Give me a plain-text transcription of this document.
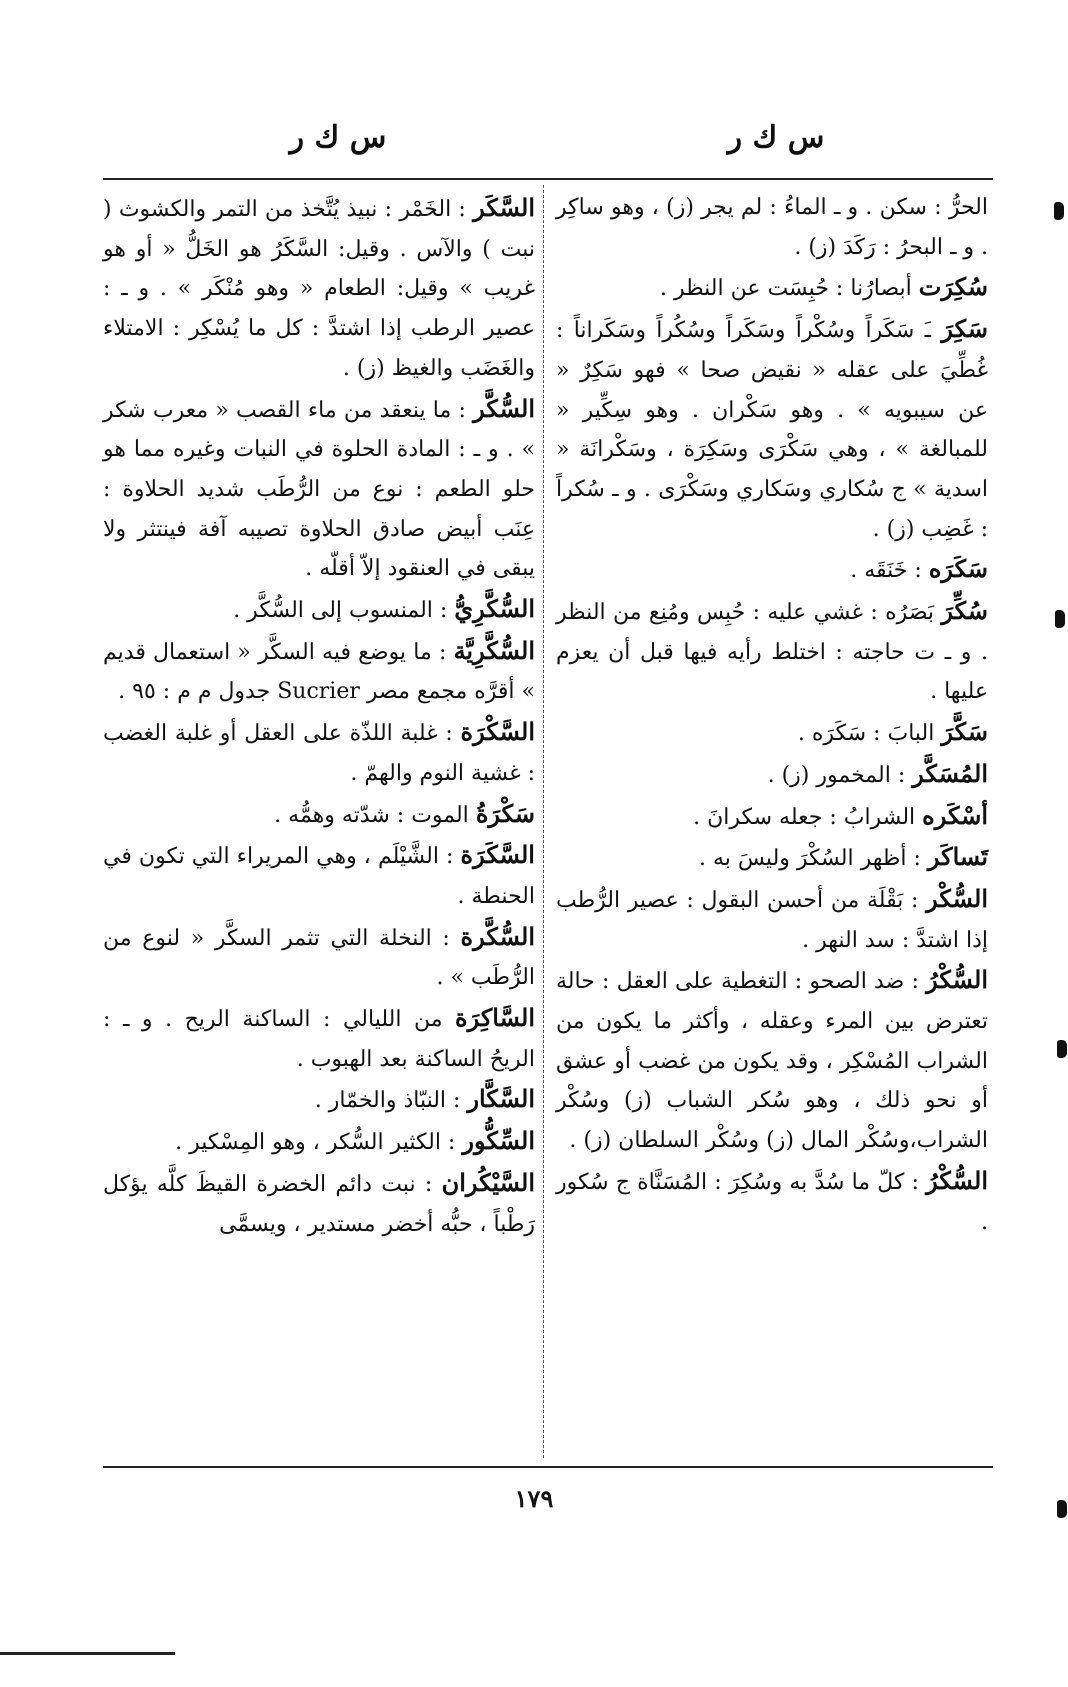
س ك ر
س ك ر

الحرُّ : سكن . و ـ الماءُ : لم يجر (ز) ، وهو ساكِر . و ـ البحرُ : رَكَدَ (ز) .

سُكِرَت أبصارُنا : حُبِسَت عن النظر .

سَكِرَ ـَ سَكَراً وسُكْراً وسَكَراً وسُكُراً وسَكَراناً : غُطِّيَ على عقله « نقيض صحا » فهو سَكِرٌ « عن سيبويه » . وهو سَكْران . وهو سِكِّير « للمبالغة » ، وهي سَكْرَى وسَكِرَة ، وسَكْرانَة « اسدية » ج سُكاري وسَكاري وسَكْرَى . و ـ سُكراً : غَضِب (ز) .

سَكَرَه : خَنَقَه .

سُكِّرَ بَصَرُه : غشي عليه : حُبِس ومُنِع من النظر . و ـ ت حاجته : اختلط رأيه فيها قبل أن يعزم عليها .

سَكَّرَ البابَ : سَكَرَه .

المُسَكَّر : المخمور (ز) .

أسْكَره الشرابُ : جعله سكرانَ .

تَساكَر : أظهر السُكْرَ وليسَ به .

السُّكْر : بَقْلَة من أحسن البقول : عصير الرُّطب إذا اشتدَّ : سد النهر .

السُّكْرُ : ضد الصحو : التغطية على العقل : حالة تعترض بين المرء وعقله ، وأكثر ما يكون من الشراب المُسْكِر ، وقد يكون من غضب أو عشق أو نحو ذلك ، وهو سُكر الشباب (ز) وسُكْر الشراب،وسُكْر المال (ز) وسُكْر السلطان (ز) .

السُّكْرُ : كلّ ما سُدَّ به وسُكِرَ : المُسَنَّاة ج سُكور .

السَّكَر : الخَمْر : نبيذ يُتَّخذ من التمر والكشوث ( نبت ) والآس . وقيل: السَّكَرُ هو الخَلُّ « أو هو غريب » وقيل: الطعام « وهو مُنْكَر » . و ـ : عصير الرطب إذا اشتدَّ : كل ما يُسْكِر : الامتلاء والغَضَب والغيظ (ز) .

السُّكَّر : ما ينعقد من ماء القصب « معرب شكر » . و ـ : المادة الحلوة في النبات وغيره مما هو حلو الطعم : نوع من الرُّطَب شديد الحلاوة : عِنَب أبيض صادق الحلاوة تصيبه آفة فينتثر ولا يبقى في العنقود إلاّ أقلّه .

السُّكَّرِيُّ : المنسوب إلى السُّكَّر .

السُّكَّرِيَّة : ما يوضع فيه السكَّر « استعمال قديم » أقرَّه مجمع مصر Sucrier جدول م م : ٩٥ .

السَّكْرَة : غلبة اللذّة على العقل أو غلبة الغضب : غشية النوم والهمّ .

سَكْرَةُ الموت : شدّته وهمُّه .

السَّكَرَة : الشَّيْلَم ، وهي المريراء التي تكون في الحنطة .

السُّكَّرة : النخلة التي تثمر السكَّر « لنوع من الرُّطَب » .

السَّاكِرَة من الليالي : الساكنة الريح . و ـ : الريحُ الساكنة بعد الهبوب .

السَّكَّار : النبّاذ والخمّار .

السِّكُّور : الكثير السُّكر ، وهو المِسْكير .

السَّيْكُران : نبت دائم الخضرة القيظَ كلَّه يؤكل رَطْباً ، حبُّه أخضر مستدير ، ويسمَّى

١٧٩
